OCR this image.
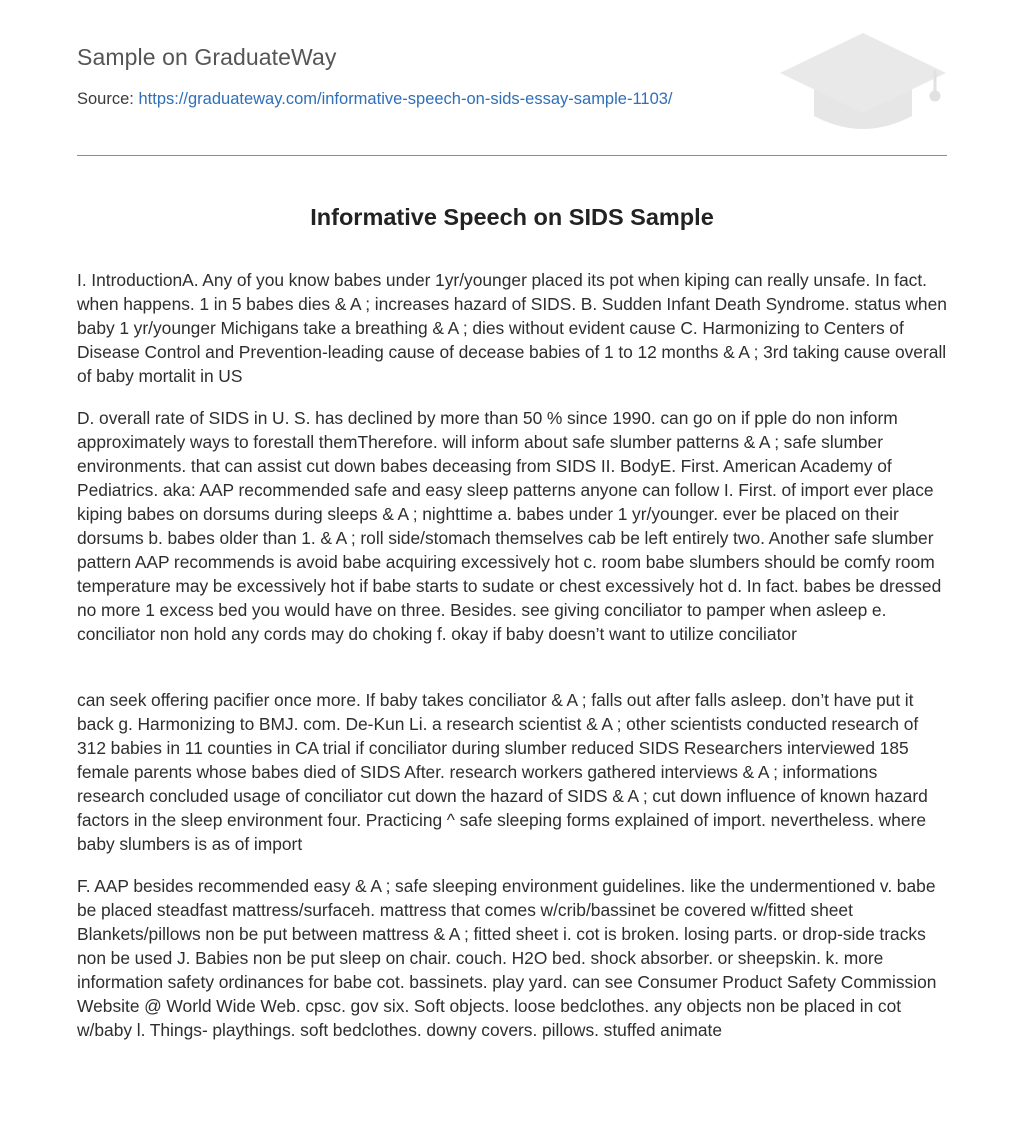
Sample on GraduateWay
Source: https://graduateway.com/informative-speech-on-sids-essay-sample-1103/
Informative Speech on SIDS Sample

I. IntroductionA. Any of you know babes under 1yr/younger placed its pot when kiping can really unsafe. In fact. when happens. 1 in 5 babes dies & A ; increases hazard of SIDS. B. Sudden Infant Death Syndrome. status when baby 1 yr/younger Michigans take a breathing & A ; dies without evident cause C. Harmonizing to Centers of Disease Control and Prevention-leading cause of decease babies of 1 to 12 months & A ; 3rd taking cause overall of baby mortalit in US

D. overall rate of SIDS in U. S. has declined by more than 50 % since 1990. can go on if pple do non inform approximately ways to forestall themTherefore. will inform about safe slumber patterns & A ; safe slumber environments. that can assist cut down babes deceasing from SIDS II. BodyE. First. American Academy of Pediatrics. aka: AAP recommended safe and easy sleep patterns anyone can follow I. First. of import ever place kiping babes on dorsums during sleeps & A ; nighttime a. babes under 1 yr/younger. ever be placed on their dorsums b. babes older than 1. & A ; roll side/stomach themselves cab be left entirely two. Another safe slumber pattern AAP recommends is avoid babe acquiring excessively hot c. room babe slumbers should be comfy room temperature may be excessively hot if babe starts to sudate or chest excessively hot d. In fact. babes be dressed no more 1 excess bed you would have on three. Besides. see giving conciliator to pamper when asleep e. conciliator non hold any cords may do choking f. okay if baby doesn’t want to utilize conciliator

can seek offering pacifier once more. If baby takes conciliator & A ; falls out after falls asleep. don’t have put it back g. Harmonizing to BMJ. com. De-Kun Li. a research scientist & A ; other scientists conducted research of 312 babies in 11 counties in CA trial if conciliator during slumber reduced SIDS Researchers interviewed 185 female parents whose babes died of SIDS After. research workers gathered interviews & A ; informations research concluded usage of conciliator cut down the hazard of SIDS & A ; cut down influence of known hazard factors in the sleep environment four. Practicing ^ safe sleeping forms explained of import. nevertheless. where baby slumbers is as of import

F. AAP besides recommended easy & A ; safe sleeping environment guidelines. like the undermentioned v. babe be placed steadfast mattress/surfaceh. mattress that comes w/crib/bassinet be covered w/fitted sheet Blankets/pillows non be put between mattress & A ; fitted sheet i. cot is broken. losing parts. or drop-side tracks non be used J. Babies non be put sleep on chair. couch. H2O bed. shock absorber. or sheepskin. k. more information safety ordinances for babe cot. bassinets. play yard. can see Consumer Product Safety Commission Website @ World Wide Web. cpsc. gov six. Soft objects. loose bedclothes. any objects non be placed in cot w/baby l. Things- playthings. soft bedclothes. downy covers. pillows. stuffed animate
